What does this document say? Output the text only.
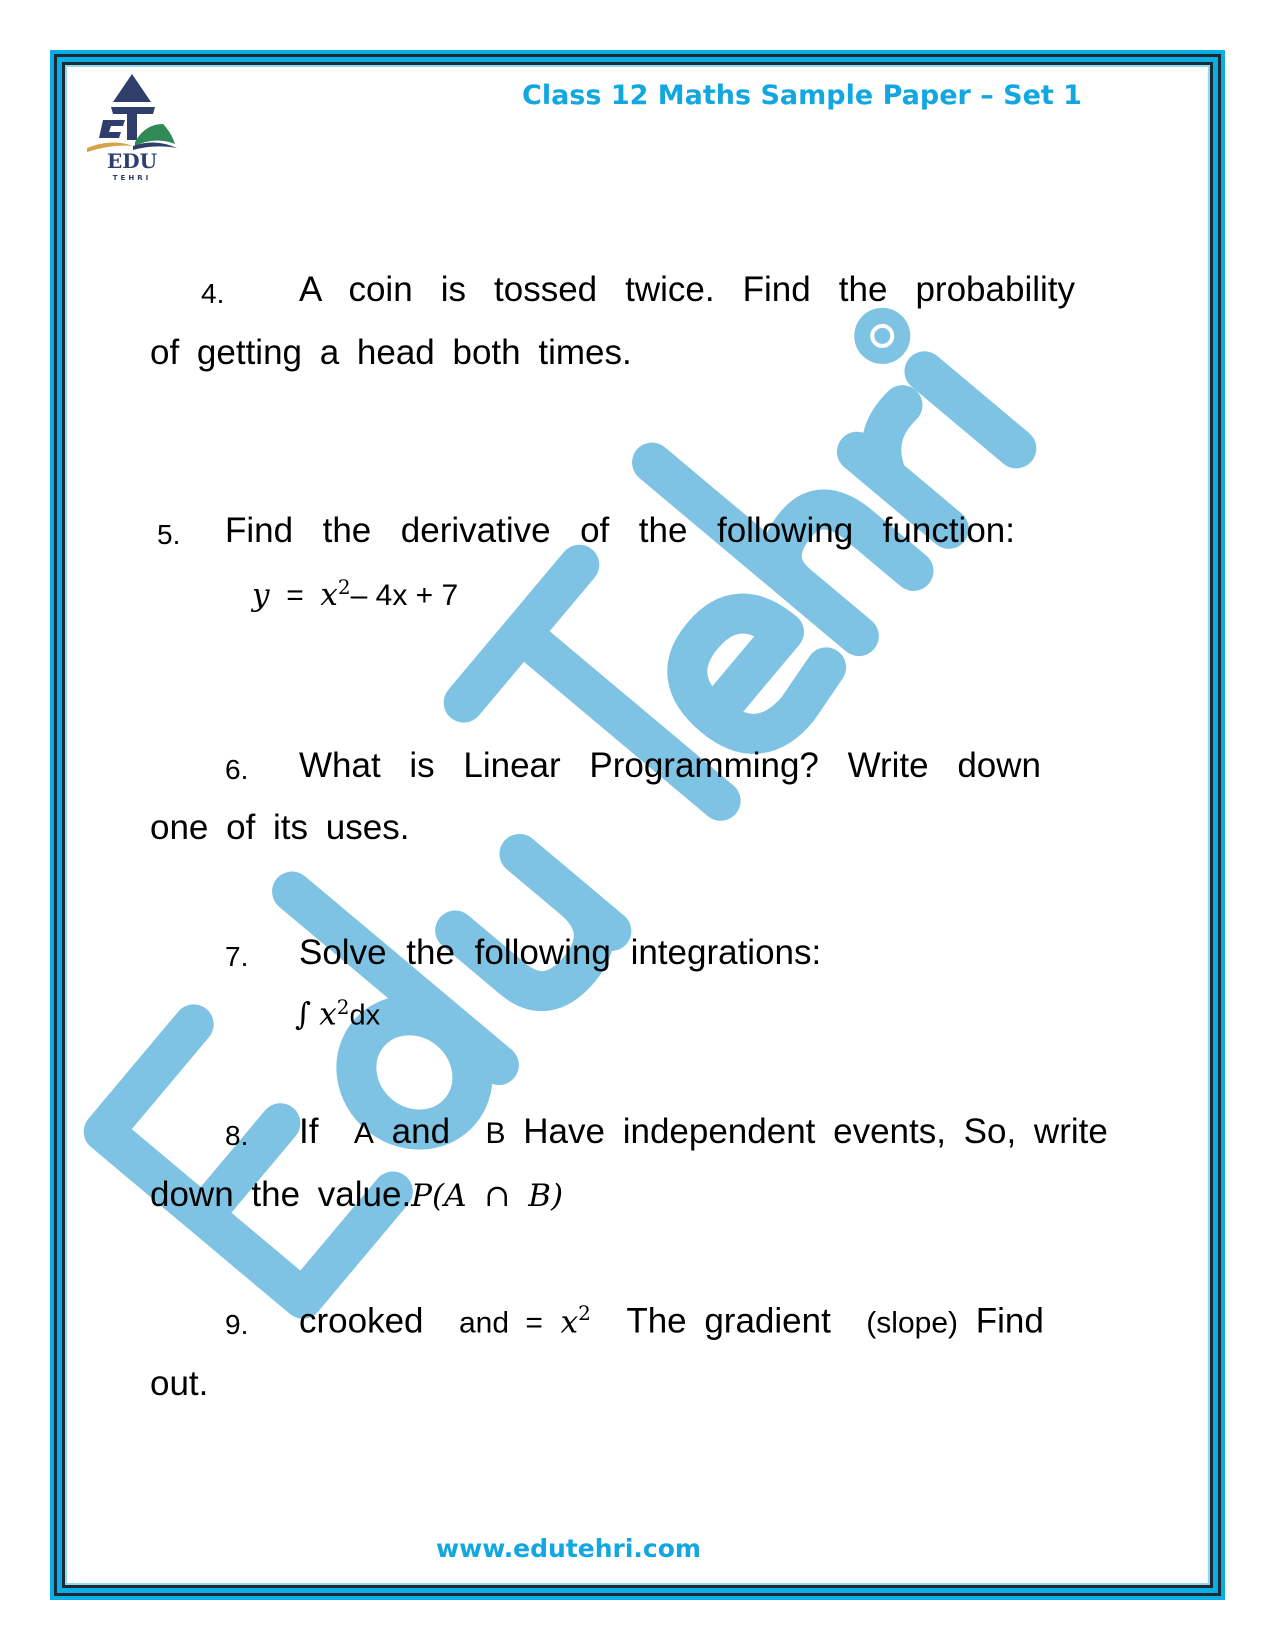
EDU
TEHRI
Class 12 Maths Sample Paper – Set 1
4. A coin is tossed twice. Find the probability
of getting a head both times.
5. Find the derivative of the following function:
$y = x^2-$ 4x + 7
6. What is Linear Programming? Write down
one of its uses.
7. Solve the following integrations:
∫ $x^2dx$
8. If A and B Have independent events, So, write
down the value.P(A ∩ B)
9. crooked and = $x^2$ The gradient (slope) Find
out.
www.edutehri.com
